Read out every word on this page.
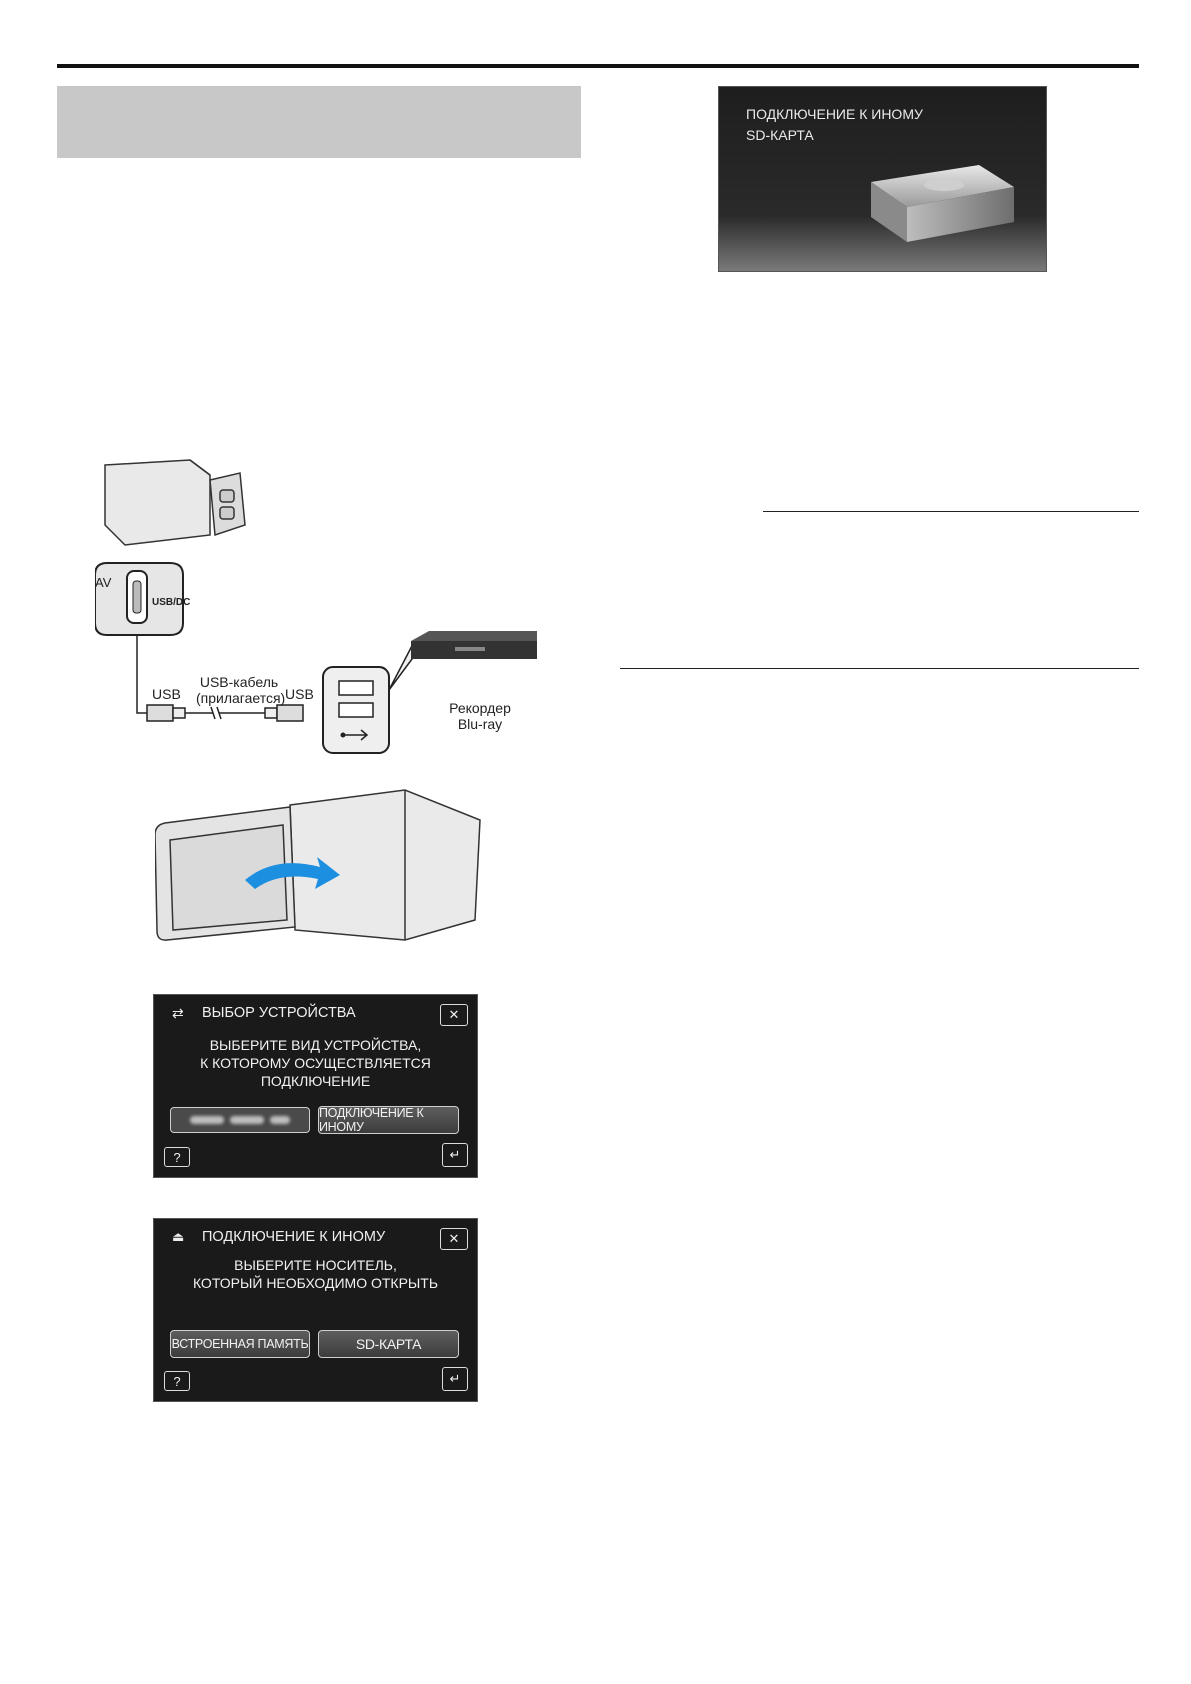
ПОДКЛЮЧЕНИЕ К ИНОМУ
SD-КАРТА
AV
USB/DC
USB
USB-кабель
(прилагается) USB
Рекордер
Blu-ray
⇄ ВЫБОР УСТРОЙСТВА	✕
ВЫБЕРИТЕ ВИД УСТРОЙСТВА,
К КОТОРОМУ ОСУЩЕСТВЛЯЕТСЯ
ПОДКЛЮЧЕНИЕ
ПОДКЛЮЧЕНИЕ К ИНОМУ
?	↵
⏏ ПОДКЛЮЧЕНИЕ К ИНОМУ	✕
ВЫБЕРИТЕ НОСИТЕЛЬ,
КОТОРЫЙ НЕОБХОДИМО ОТКРЫТЬ
ВСТРОЕННАЯ ПАМЯТЬ	SD-КАРТА
?	↵
